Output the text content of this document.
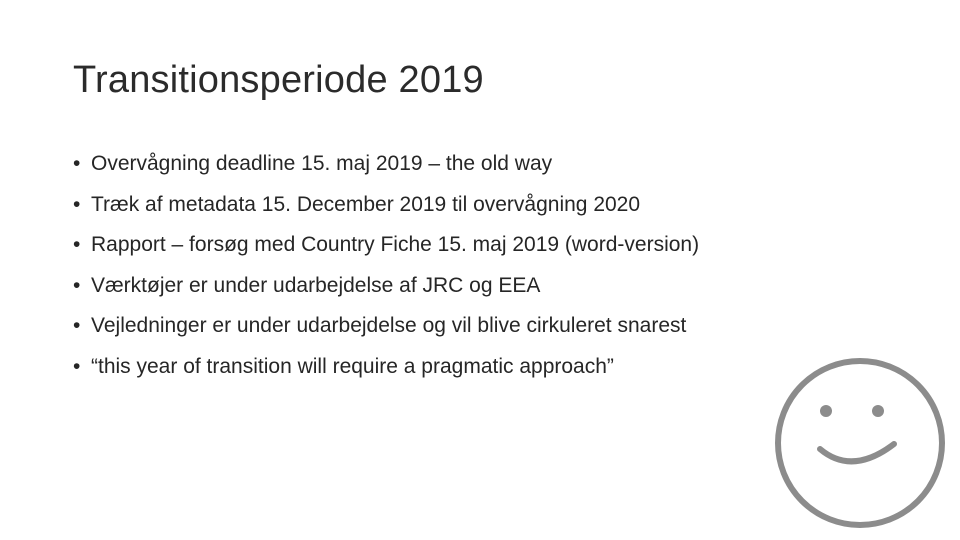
Transitionsperiode 2019
• Overvågning deadline 15. maj 2019 – the old way
• Træk af metadata 15. December 2019 til overvågning 2020
• Rapport – forsøg med Country Fiche 15. maj 2019 (word-version)
• Værktøjer er under udarbejdelse af JRC og EEA
• Vejledninger er under udarbejdelse og vil blive cirkuleret snarest
• “this year of transition will require a pragmatic approach”
